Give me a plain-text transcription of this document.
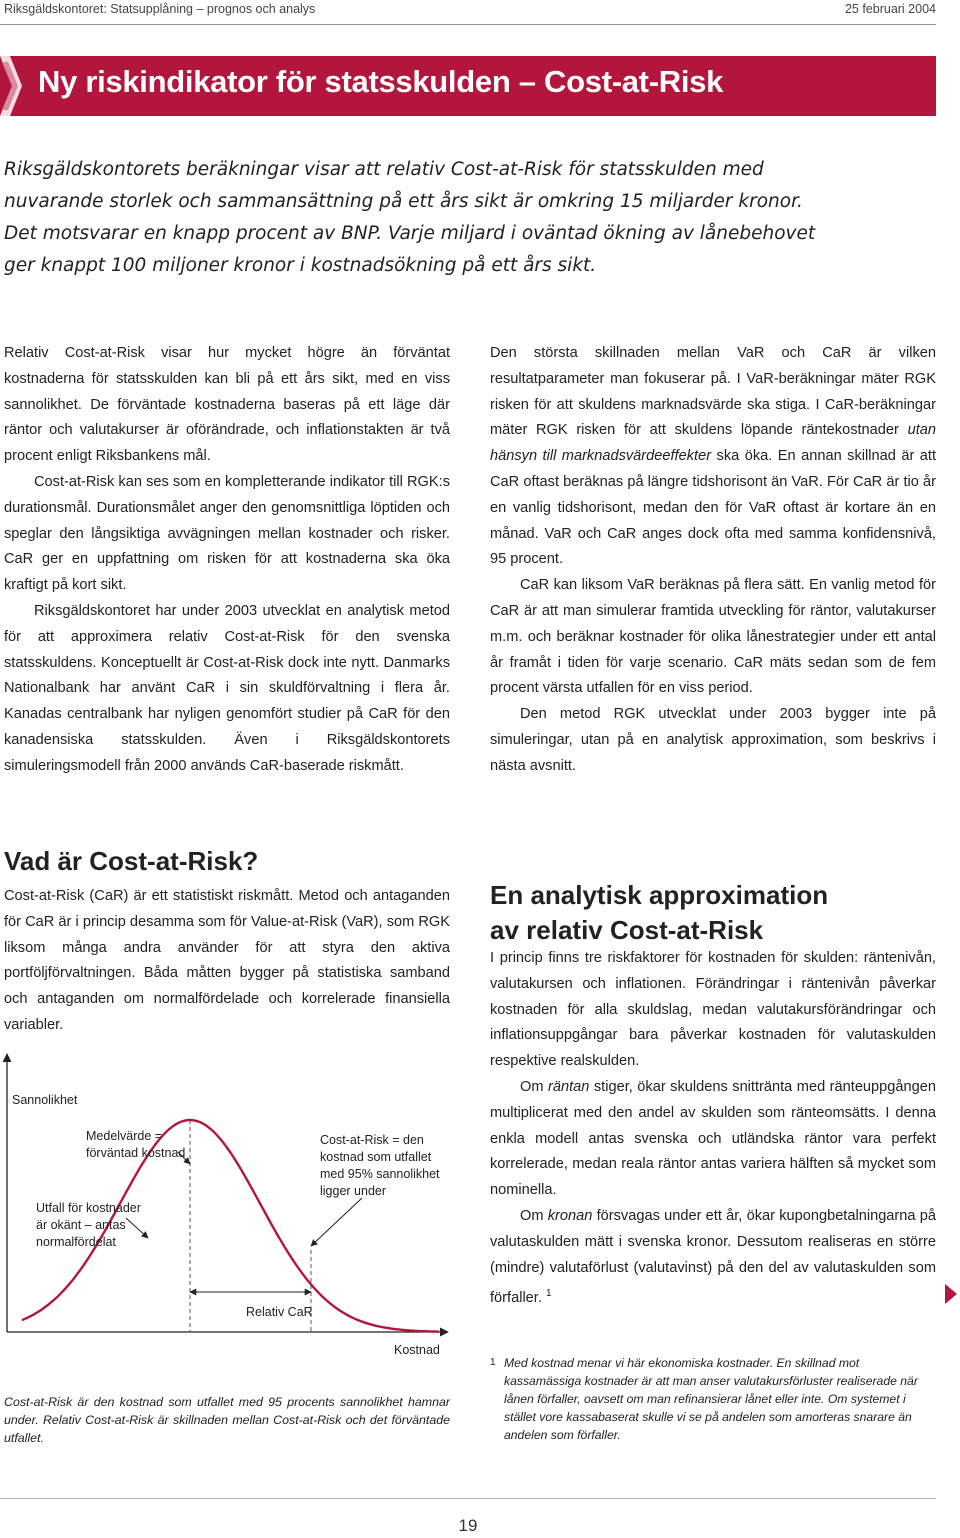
Riksgäldskontoret: Statsupplåning – prognos och analys	25 februari 2004
Ny riskindikator för statsskulden – Cost-at-Risk

Riksgäldskontorets beräkningar visar att relativ Cost-at-Risk för statsskulden med

nuvarande storlek och sammansättning på ett års sikt är omkring 15 miljarder kronor.

Det motsvarar en knapp procent av BNP. Varje miljard i oväntad ökning av lånebehovet

ger knappt 100 miljoner kronor i kostnadsökning på ett års sikt.

Relativ Cost-at-Risk visar hur mycket högre än förväntat kostnaderna för statsskulden kan bli på ett års sikt, med en viss sannolikhet. De förväntade kostnaderna baseras på ett läge där räntor och valutakurser är oförändrade, och inflationstakten är två procent enligt Riksbankens mål.

Cost-at-Risk kan ses som en kompletterande indikator till RGK:s durationsmål. Durationsmålet anger den genomsnittliga löptiden och speglar den långsiktiga avvägningen mellan kostnader och risker. CaR ger en uppfattning om risken för att kostnaderna ska öka kraftigt på kort sikt.

Riksgäldskontoret har under 2003 utvecklat en analytisk metod för att approximera relativ Cost-at-Risk för den svenska statsskuldens. Konceptuellt är Cost-at-Risk dock inte nytt. Danmarks Nationalbank har använt CaR i sin skuldförvaltning i flera år. Kanadas centralbank har nyligen genomfört studier på CaR för den kanadensiska statsskulden. Även i Riksgäldskontorets simuleringsmodell från 2000 används CaR-baserade riskmått.

Den största skillnaden mellan VaR och CaR är vilken resultatparameter man fokuserar på. I VaR-beräkningar mäter RGK risken för att skuldens marknadsvärde ska stiga. I CaR-beräkningar mäter RGK risken för att skuldens löpande räntekostnader utan hänsyn till marknadsvärdeeffekter ska öka. En annan skillnad är att CaR oftast beräknas på längre tidshorisont än VaR. För CaR är tio år en vanlig tidshorisont, medan den för VaR oftast är kortare än en månad. VaR och CaR anges dock ofta med samma konfidensnivå, 95 procent.

CaR kan liksom VaR beräknas på flera sätt. En vanlig metod för CaR är att man simulerar framtida utveckling för räntor, valutakurser m.m. och beräknar kostnader för olika lånestrategier under ett antal år framåt i tiden för varje scenario. CaR mäts sedan som de fem procent värsta utfallen för en viss period.

Den metod RGK utvecklat under 2003 bygger inte på simuleringar, utan på en analytisk approximation, som beskrivs i nästa avsnitt.

Vad är Cost-at-Risk?

Cost-at-Risk (CaR) är ett statistiskt riskmått. Metod och antaganden för CaR är i princip desamma som för Value-at-Risk (VaR), som RGK liksom många andra använder för att styra den aktiva portföljförvaltningen. Båda måtten bygger på statistiska samband och antaganden om normalfördelade och korrelerade finansiella variabler.

En analytisk approximation
av relativ Cost-at-Risk

I princip finns tre riskfaktorer för kostnaden för skulden: räntenivån, valutakursen och inflationen. Förändringar i räntenivån påverkar kostnaden för alla skuldslag, medan valutakursförändringar och inflationsuppgångar bara påverkar kostnaden för valutaskulden respektive realskulden.

Om räntan stiger, ökar skuldens snittränta med ränteuppgången multiplicerat med den andel av skulden som ränteomsätts. I denna enkla modell antas svenska och utländska räntor vara perfekt korrelerade, medan reala räntor antas variera hälften så mycket som nominella.

Om kronan försvagas under ett år, ökar kupongbetalningarna på valutaskulden mätt i svenska kronor. Dessutom realiseras en större (mindre) valutaförlust (valutavinst) på den del av valutaskulden som förfaller. $^1$

Sannolikhet
Medelvärde =
förväntad kostnad
Utfall för kostnader
är okänt – antas
normalfördelat
Cost-at-Risk = den
kostnad som utfallet
med 95% sannolikhet
ligger under
Relativ CaR
Kostnad
Cost-at-Risk är den kostnad som utfallet med 95 procents sannolikhet hamnar under. Relativ Cost-at-Risk är skillnaden mellan Cost-at-Risk och det förväntade utfallet.
1 Med kostnad menar vi här ekonomiska kostnader. En skillnad mot kassamässiga kostnader är att man anser valutakursförluster realiserade när lånen förfaller, oavsett om man refinansierar lånet eller inte. Om systemet i stället vore kassabaserat skulle vi se på andelen som amorteras snarare än andelen som förfaller.
19
